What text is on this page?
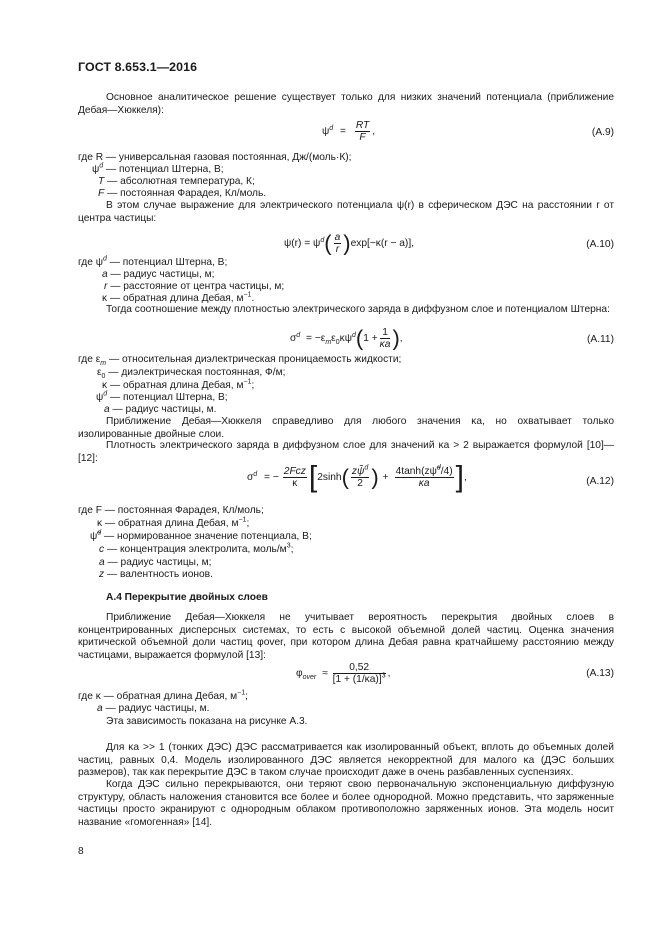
ГОСТ 8.653.1—2016
Основное аналитическое решение существует только для низких значений потенциала (приближение Дебая—Хюккеля):
$\psi^d = \frac{RT}{F}$ ,	(A.9)
где R — универсальная газовая постоянная, Дж/(моль·К);
$\psi^d$ — потенциал Штерна, В;
T — абсолютная температура, К;
F — постоянная Фарадея, Кл/моль.
В этом случае выражение для электрического потенциала ψ(r) в сферическом ДЭС на расстоянии r от центра частицы:
$\psi(r) = \psi^d( \frac{a}{r} )\exp[-\kappa(r - a)]$,	(A.10)
где $\psi^d$ — потенциал Штерна, В;
a — радиус частицы, м;
r — расстояние от центра частицы, м;
κ — обратная длина Дебая, $м^{-1}$.
Тогда соотношение между плотностью электрического заряда в диффузном слое и потенциалом Штерна:
$\sigma^d = -\varepsilon_m\varepsilon_0\kappa\psi^d(1 + \frac{1}{\kappa a}$ ),	(A.11)
где $\varepsilon_m$ — относительная диэлектрическая проницаемость жидкости;
$\varepsilon_0$ — диэлектрическая постоянная, Ф/м;
κ — обратная длина Дебая, $м^{-1}$;
$\psi^d$ — потенциал Штерна, В;
a — радиус частицы, м.
Приближение Дебая—Хюккеля справедливо для любого значения κa, но охватывает только изолированные двойные слои.
Плотность электрического заряда в диффузном слое для значений κa > 2 выражается формулой [10]—[12]:
$\sigma^d$ = − $\frac{\text{2Fcz}}{\kappa} [2\sinh( \frac{z\psĩ^d}{2}$ ) + $\frac{4\tanh(z\psĩ^d/4)}{\kappa a}$ ],	(A.12)
где F — постоянная Фарадея, Кл/моль;
κ — обратная длина Дебая, $м^{-1}$;
ψ̃$^d$ — нормированное значение потенциала, В;
c — концентрация электролита, моль/$м^3$;
a — радиус частицы, м;
z — валентность ионов.
А.4 Перекрытие двойных слоев
Приближение Дебая—Хюккеля не учитывает вероятность перекрытия двойных слоев в концентрированных дисперсных системах, то есть с высокой объемной долей частиц. Оценка значения критической объемной доли частиц φover, при котором длина Дебая равна кратчайшему расстоянию между частицами, выражается формулой [13]:
$\varphi_{over} \approx \frac{0,52}{[1 + (1/\kappa a)]^3}$ ,	(A.13)
где κ — обратная длина Дебая, $м^{-1}$;
a — радиус частицы, м.
Эта зависимость показана на рисунке А.3.
Для κa >> 1 (тонких ДЭС) ДЭС рассматривается как изолированный объект, вплоть до объемных долей частиц, равных 0,4. Модель изолированного ДЭС является некорректной для малого κa (ДЭС больших размеров), так как перекрытие ДЭС в таком случае происходит даже в очень разбавленных суспензиях.
Когда ДЭС сильно перекрываются, они теряют свою первоначальную экспоненциальную диффузную структуру, область наложения становится все более и более однородной. Можно представить, что заряженные частицы просто экранируют с однородным облаком противоположно заряженных ионов. Эта модель носит название «гомогенная» [14].
8
